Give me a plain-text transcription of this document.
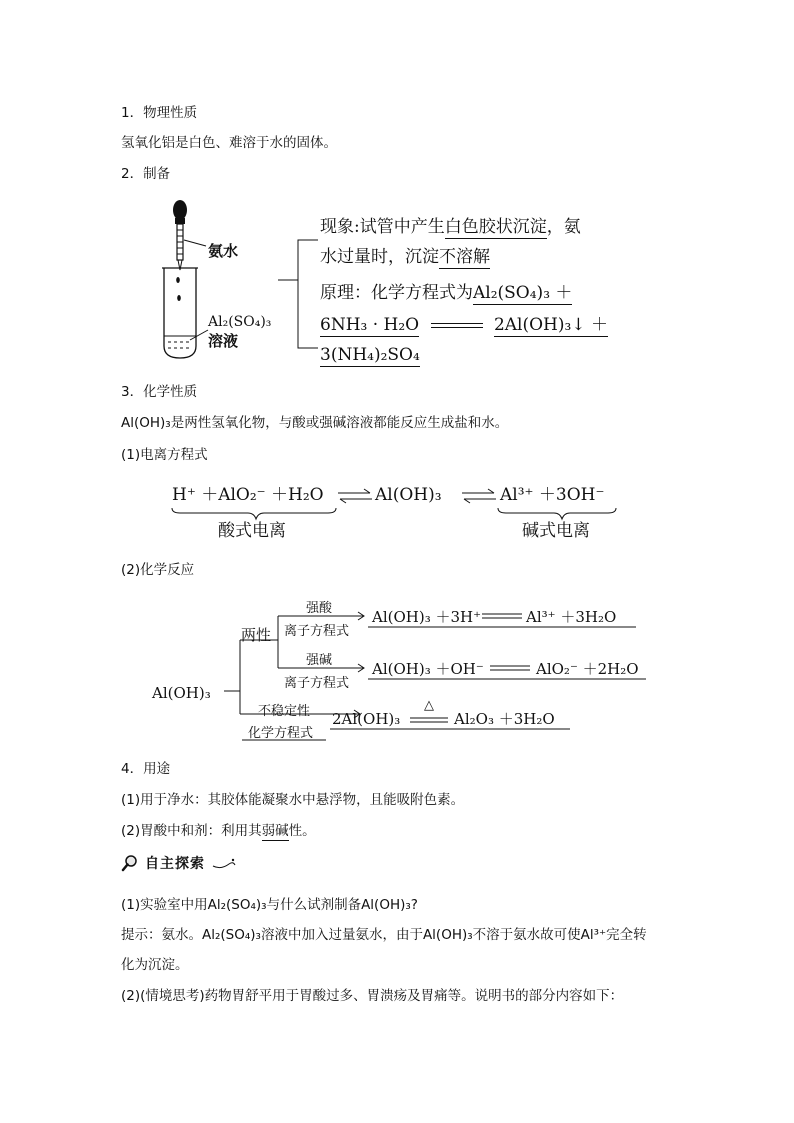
1．物理性质
氢氧化铝是白色、难溶于水的固体。
2．制备
氨水
Al₂(SO₄)₃
溶液
现象:试管中产生白色胶状沉淀，氨
水过量时，沉淀不溶解
原理：化学方程式为Al₂(SO₄)₃ ＋
6NH₃ · H₂O	2Al(OH)₃↓ ＋
3(NH₄)₂SO₄
3．化学性质
Al(OH)₃是两性氢氧化物，与酸或强碱溶液都能反应生成盐和水。
(1)电离方程式
H⁺ ＋AlO₂⁻ ＋H₂O ⇌ Al(OH)₃ ⇌ Al³⁺ ＋3OH⁻
酸式电离	碱式电离
(2)化学反应
Al(OH)₃
两性
强酸
离子方程式
Al(OH)₃ ＋3H⁺	Al³⁺ ＋3H₂O
强碱
离子方程式
Al(OH)₃ ＋OH⁻	AlO₂⁻ ＋2H₂O
不稳定性
化学方程式
2Al(OH)₃
△
Al₂O₃ ＋3H₂O
4．用途
(1)用于净水：其胶体能凝聚水中悬浮物，且能吸附色素。
(2)胃酸中和剂：利用其弱碱性。
自主探索
(1)实验室中用Al₂(SO₄)₃与什么试剂制备Al(OH)₃?
提示：氨水。Al₂(SO₄)₃溶液中加入过量氨水，由于Al(OH)₃不溶于氨水故可使Al³⁺完全转
化为沉淀。
(2)(情境思考)药物胃舒平用于胃酸过多、胃溃疡及胃痛等。说明书的部分内容如下：
